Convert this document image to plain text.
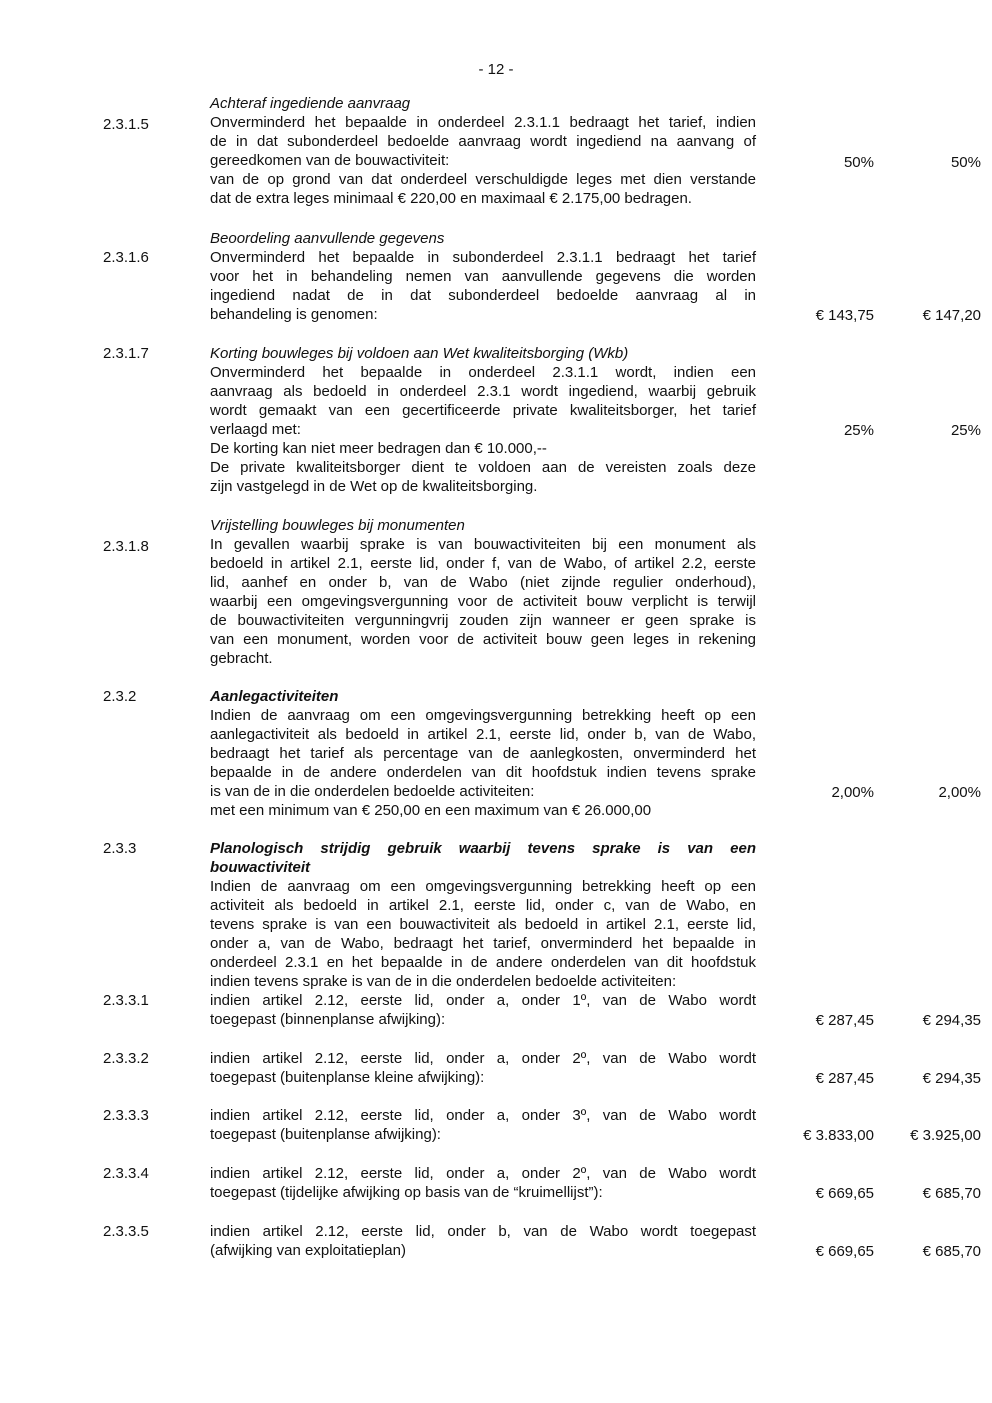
- 12 -
2.3.1.5
Achteraf ingediende aanvraag
Onverminderd het bepaalde in onderdeel 2.3.1.1 bedraagt het tarief, indien
de in dat subonderdeel bedoelde aanvraag wordt ingediend na aanvang of
gereedkomen van de bouwactiviteit:
van de op grond van dat onderdeel verschuldigde leges met dien verstande
dat de extra leges minimaal € 220,00 en maximaal € 2.175,00 bedragen.
50%	50%
2.3.1.6
Beoordeling aanvullende gegevens
Onverminderd het bepaalde in subonderdeel 2.3.1.1 bedraagt het tarief
voor het in behandeling nemen van aanvullende gegevens die worden
ingediend nadat de in dat subonderdeel bedoelde aanvraag al in
behandeling is genomen:	€ 143,75	€ 147,20
2.3.1.7	Korting bouwleges bij voldoen aan Wet kwaliteitsborging (Wkb)
Onverminderd het bepaalde in onderdeel 2.3.1.1 wordt, indien een
aanvraag als bedoeld in onderdeel 2.3.1 wordt ingediend, waarbij gebruik
wordt gemaakt van een gecertificeerde private kwaliteitsborger, het tarief
verlaagd met:
De korting kan niet meer bedragen dan € 10.000,--
De private kwaliteitsborger dient te voldoen aan de vereisten zoals deze
zijn vastgelegd in de Wet op de kwaliteitsborging.
25%	25%
2.3.1.8
Vrijstelling bouwleges bij monumenten
In gevallen waarbij sprake is van bouwactiviteiten bij een monument als
bedoeld in artikel 2.1, eerste lid, onder f, van de Wabo, of artikel 2.2, eerste
lid, aanhef en onder b, van de Wabo (niet zijnde regulier onderhoud),
waarbij een omgevingsvergunning voor de activiteit bouw verplicht is terwijl
de bouwactiviteiten vergunningvrij zouden zijn wanneer er geen sprake is
van een monument, worden voor de activiteit bouw geen leges in rekening
gebracht.
2.3.2	Aanlegactiviteiten
Indien de aanvraag om een omgevingsvergunning betrekking heeft op een
aanlegactiviteit als bedoeld in artikel 2.1, eerste lid, onder b, van de Wabo,
bedraagt het tarief als percentage van de aanlegkosten, onverminderd het
bepaalde in de andere onderdelen van dit hoofdstuk indien tevens sprake
is van de in die onderdelen bedoelde activiteiten:
met een minimum van € 250,00 en een maximum van € 26.000,00
2,00%	2,00%
2.3.3	Planologisch strijdig gebruik waarbij tevens sprake is van een
bouwactiviteit
Indien de aanvraag om een omgevingsvergunning betrekking heeft op een
activiteit als bedoeld in artikel 2.1, eerste lid, onder c, van de Wabo, en
tevens sprake is van een bouwactiviteit als bedoeld in artikel 2.1, eerste lid,
onder a, van de Wabo, bedraagt het tarief, onverminderd het bepaalde in
onderdeel 2.3.1 en het bepaalde in de andere onderdelen van dit hoofdstuk
indien tevens sprake is van de in die onderdelen bedoelde activiteiten:
2.3.3.1	indien artikel 2.12, eerste lid, onder a, onder 1º, van de Wabo wordt
toegepast (binnenplanse afwijking):	€ 287,45	€ 294,35
2.3.3.2	indien artikel 2.12, eerste lid, onder a, onder 2º, van de Wabo wordt
toegepast (buitenplanse kleine afwijking):	€ 287,45	€ 294,35
2.3.3.3	indien artikel 2.12, eerste lid, onder a, onder 3º, van de Wabo wordt
toegepast (buitenplanse afwijking):	€ 3.833,00	€ 3.925,00
2.3.3.4	indien artikel 2.12, eerste lid, onder a, onder 2º, van de Wabo wordt
toegepast (tijdelijke afwijking op basis van de “kruimellijst”):	€ 669,65	€ 685,70
2.3.3.5	indien artikel 2.12, eerste lid, onder b, van de Wabo wordt toegepast
(afwijking van exploitatieplan)	€ 669,65	€ 685,70
